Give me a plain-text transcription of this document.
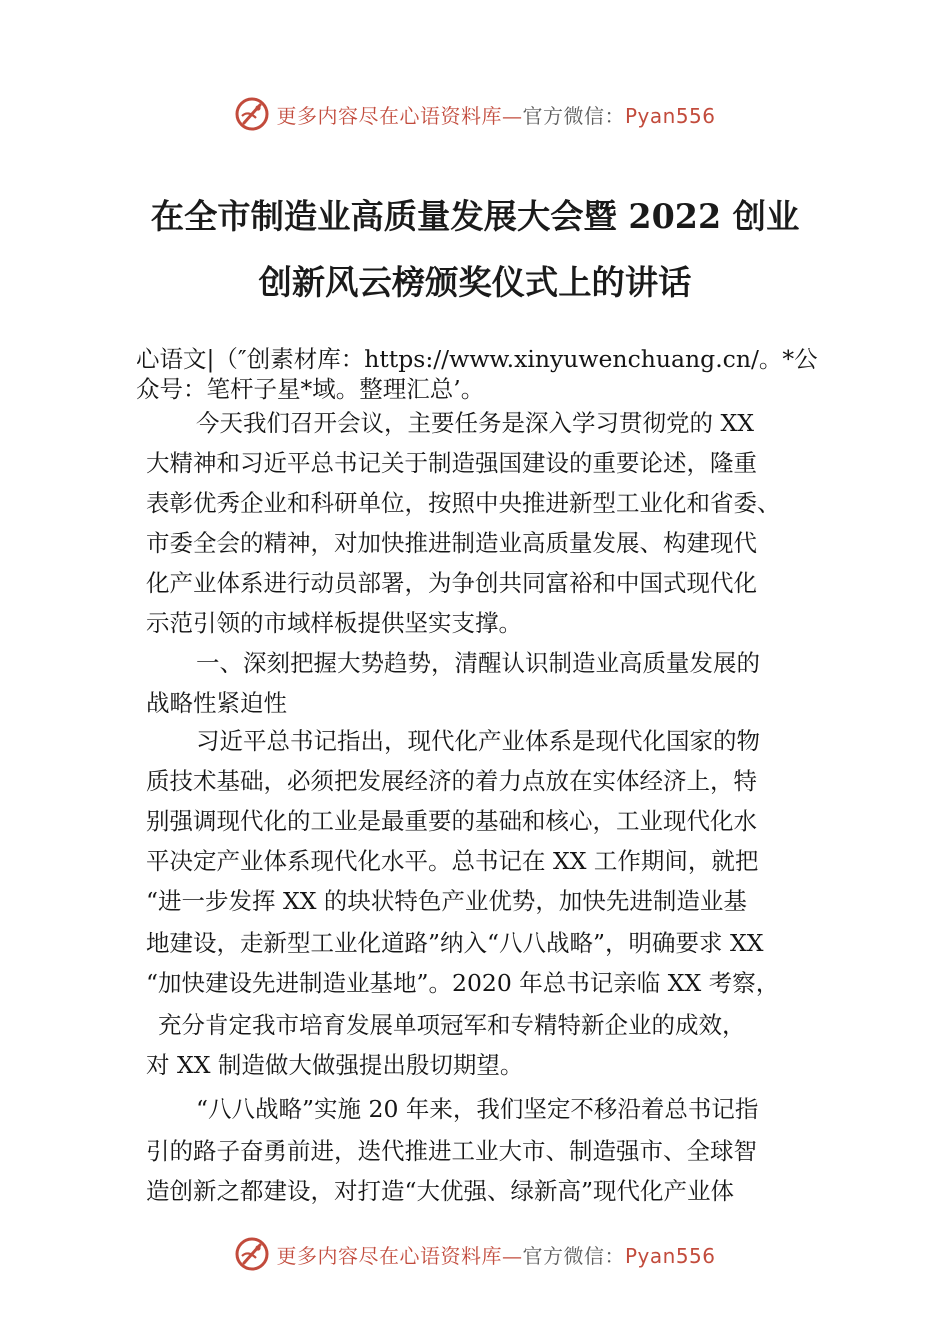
更多内容尽在心语资料库—官方微信：Pyan556
在全市制造业高质量发展大会暨 2022 创业
创新风云榜颁奖仪式上的讲话
心语文|（″创素材库：https://www.xinyuwenchuang.cn/。*公
众号：笔杆子星*域。整理汇总’。
今天我们召开会议，主要任务是深入学习贯彻党的 XX
大精神和习近平总书记关于制造强国建设的重要论述，隆重
表彰优秀企业和科研单位，按照中央推进新型工业化和省委、
市委全会的精神，对加快推进制造业高质量发展、构建现代
化产业体系进行动员部署，为争创共同富裕和中国式现代化
示范引领的市域样板提供坚实支撑。
一、深刻把握大势趋势，清醒认识制造业高质量发展的
战略性紧迫性
习近平总书记指出，现代化产业体系是现代化国家的物
质技术基础，必须把发展经济的着力点放在实体经济上，特
别强调现代化的工业是最重要的基础和核心，工业现代化水
平决定产业体系现代化水平。总书记在 XX 工作期间，就把
“进一步发挥 XX 的块状特色产业优势，加快先进制造业基
地建设，走新型工业化道路”纳入“八八战略”，明确要求 XX
“加快建设先进制造业基地”。2020 年总书记亲临 XX 考察，
充分肯定我市培育发展单项冠军和专精特新企业的成效，
对 XX 制造做大做强提出殷切期望。
“八八战略”实施 20 年来，我们坚定不移沿着总书记指
引的路子奋勇前进，迭代推进工业大市、制造强市、全球智
造创新之都建设，对打造“大优强、绿新高”现代化产业体
更多内容尽在心语资料库—官方微信：Pyan556
